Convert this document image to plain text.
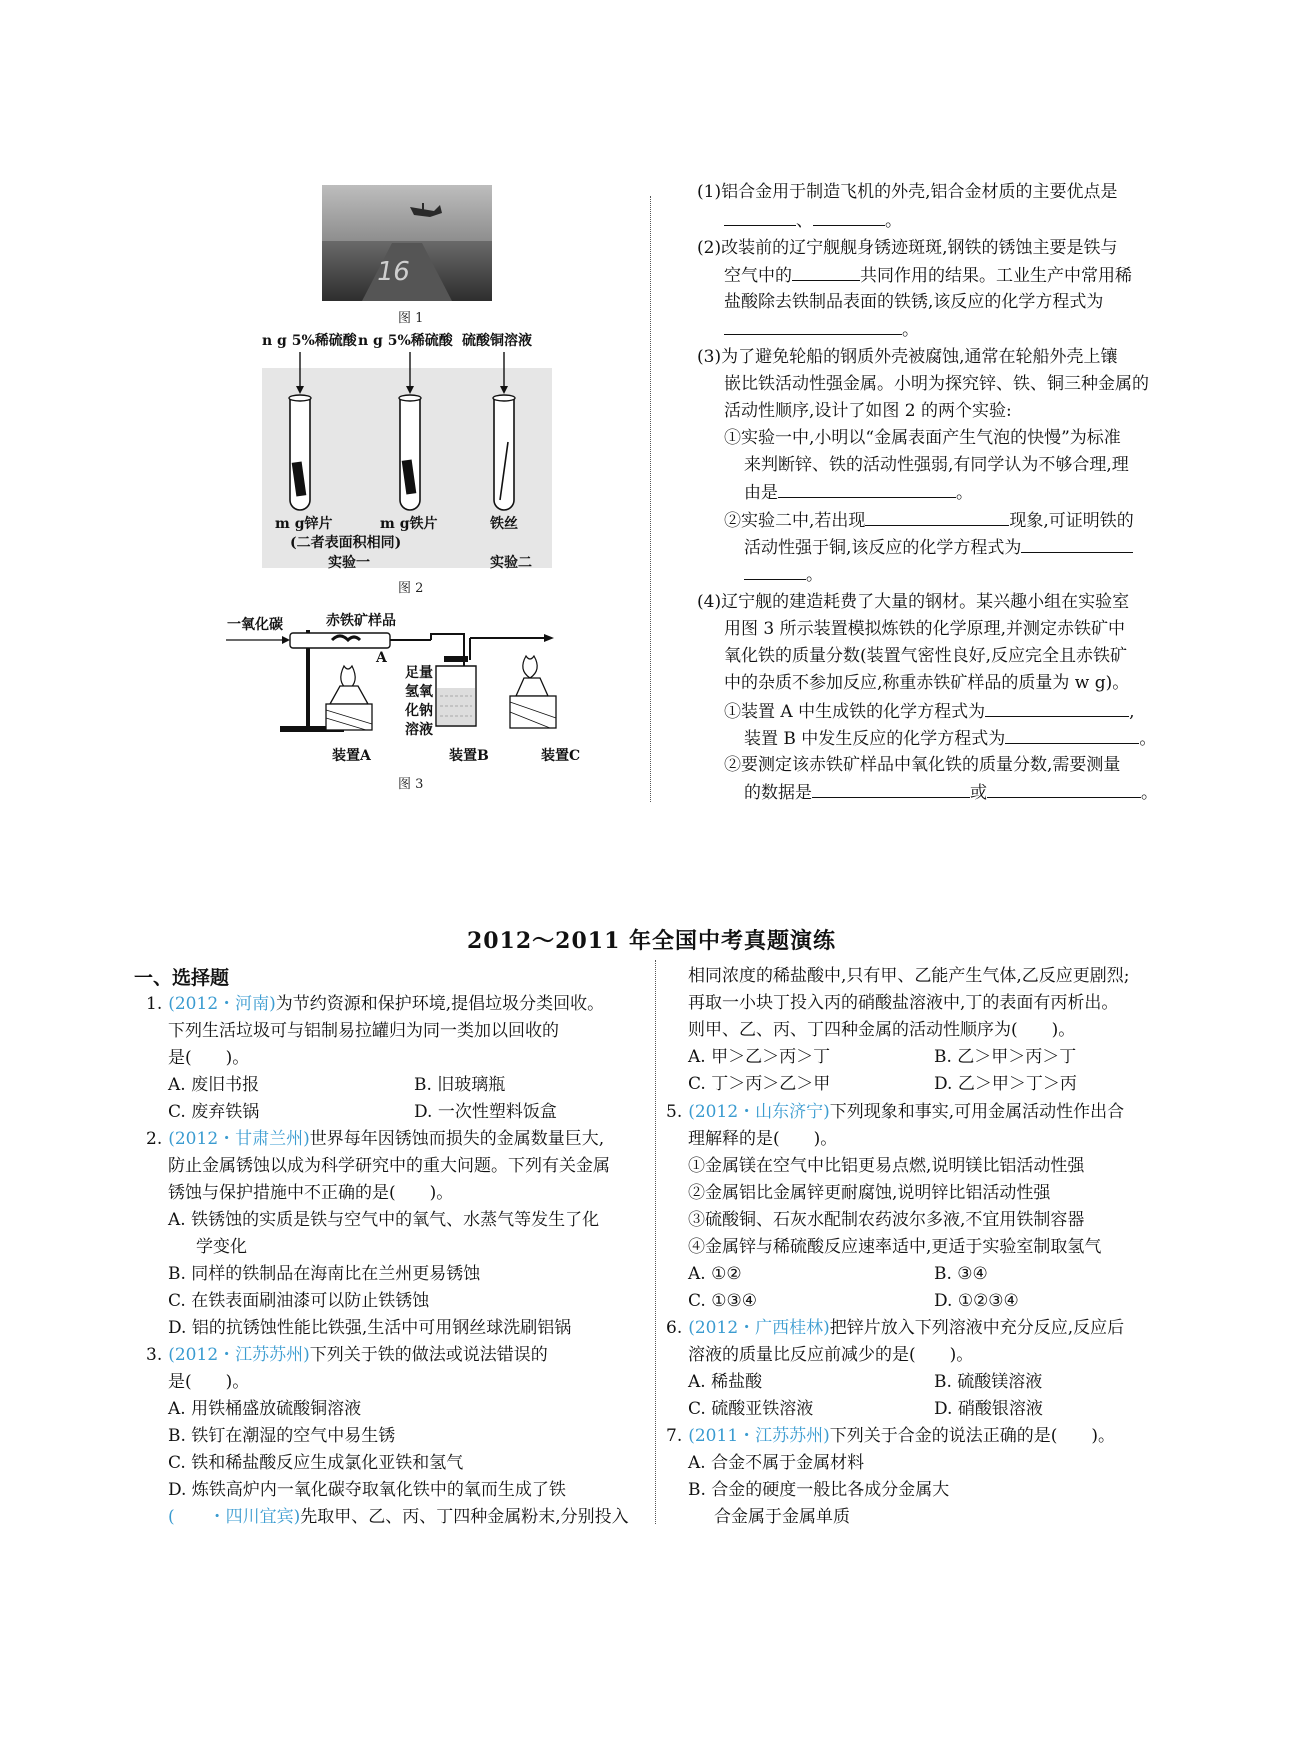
16
图 1
n g 5%稀硫酸 n g 5%稀硫酸 硫酸铜溶液
m g锌片	m g铁片	铁丝
(二者表面积相同)
实验一	实验二
图 2
一氧化碳	赤铁矿样品
A
足量
氢氧
化钠
溶液
装置A	装置B	装置C
图 3
(1)铝合金用于制造飞机的外壳,铝合金材质的主要优点是
、	。
(2)改装前的辽宁舰舰身锈迹斑斑,钢铁的锈蚀主要是铁与
空气中的	共同作用的结果。工业生产中常用稀
盐酸除去铁制品表面的铁锈,该反应的化学方程式为
。
(3)为了避免轮船的钢质外壳被腐蚀,通常在轮船外壳上镶
嵌比铁活动性强金属。小明为探究锌、铁、铜三种金属的
活动性顺序,设计了如图 2 的两个实验:
①实验一中,小明以“金属表面产生气泡的快慢”为标准
来判断锌、铁的活动性强弱,有同学认为不够合理,理
由是	。
②实验二中,若出现	现象,可证明铁的
活动性强于铜,该反应的化学方程式为
。
(4)辽宁舰的建造耗费了大量的钢材。某兴趣小组在实验室
用图 3 所示装置模拟炼铁的化学原理,并测定赤铁矿中
氧化铁的质量分数(装置气密性良好,反应完全且赤铁矿
中的杂质不参加反应,称重赤铁矿样品的质量为 w g)。
①装置 A 中生成铁的化学方程式为	,
装置 B 中发生反应的化学方程式为	。
②要测定该赤铁矿样品中氧化铁的质量分数,需要测量
的数据是	或	。
2012～2011 年全国中考真题演练
一、选择题
1. (2012・河南)为节约资源和保护环境,提倡垃圾分类回收。
下列生活垃圾可与铝制易拉罐归为同一类加以回收的
是(　　)。
A. 废旧书报	B. 旧玻璃瓶
C. 废弃铁锅	D. 一次性塑料饭盒
2. (2012・甘肃兰州)世界每年因锈蚀而损失的金属数量巨大,
防止金属锈蚀以成为科学研究中的重大问题。下列有关金属
锈蚀与保护措施中不正确的是(　　)。
A. 铁锈蚀的实质是铁与空气中的氧气、水蒸气等发生了化
学变化
B. 同样的铁制品在海南比在兰州更易锈蚀
C. 在铁表面刷油漆可以防止铁锈蚀
D. 铝的抗锈蚀性能比铁强,生活中可用钢丝球洗刷铝锅
3. (2012・江苏苏州)下列关于铁的做法或说法错误的
是(　　)。
A. 用铁桶盛放硫酸铜溶液
B. 铁钉在潮湿的空气中易生锈
C. 铁和稀盐酸反应生成氯化亚铁和氢气
D. 炼铁高炉内一氧化碳夺取氧化铁中的氧而生成了铁
(　　・四川宜宾)先取甲、乙、丙、丁四种金属粉末,分别投入
相同浓度的稀盐酸中,只有甲、乙能产生气体,乙反应更剧烈;
再取一小块丁投入丙的硝酸盐溶液中,丁的表面有丙析出。
则甲、乙、丙、丁四种金属的活动性顺序为(　　)。
A. 甲＞乙＞丙＞丁	B. 乙＞甲＞丙＞丁
C. 丁＞丙＞乙＞甲	D. 乙＞甲＞丁＞丙
5. (2012・山东济宁)下列现象和事实,可用金属活动性作出合
理解释的是(　　)。
①金属镁在空气中比铝更易点燃,说明镁比铝活动性强
②金属铝比金属锌更耐腐蚀,说明锌比铝活动性强
③硫酸铜、石灰水配制农药波尔多液,不宜用铁制容器
④金属锌与稀硫酸反应速率适中,更适于实验室制取氢气
A. ①②	B. ③④
C. ①③④	D. ①②③④
6. (2012・广西桂林)把锌片放入下列溶液中充分反应,反应后
溶液的质量比反应前减少的是(　　)。
A. 稀盐酸	B. 硫酸镁溶液
C. 硫酸亚铁溶液	D. 硝酸银溶液
7. (2011・江苏苏州)下列关于合金的说法正确的是(　　)。
A. 合金不属于金属材料
B. 合金的硬度一般比各成分金属大
合金属于金属单质
